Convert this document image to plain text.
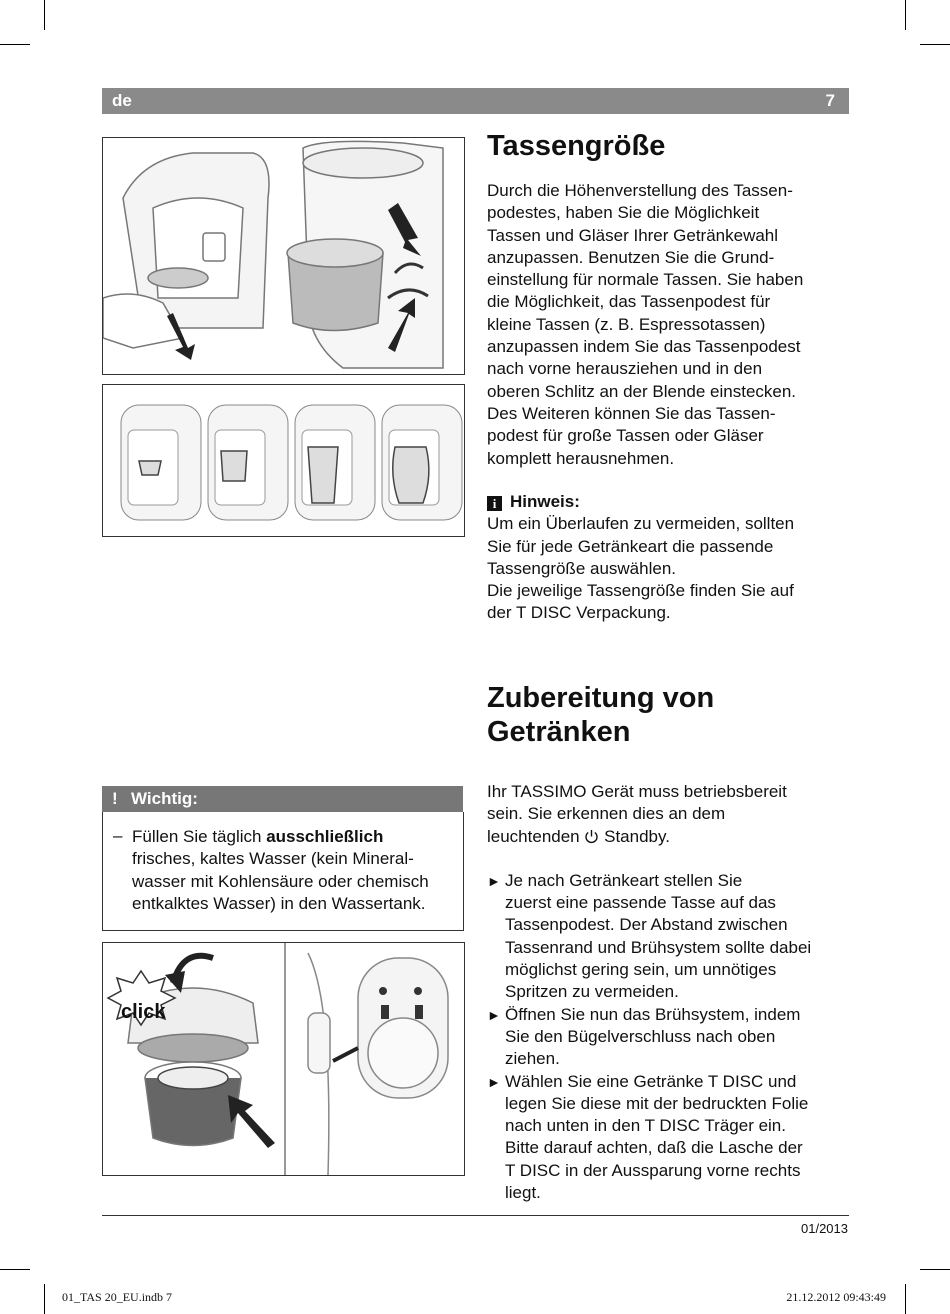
de	7
Tassengröße

Durch die Höhenverstellung des Tassen-

podestes, haben Sie die Möglichkeit

Tassen und Gläser Ihrer Getränkewahl

anzupassen. Benutzen Sie die Grund-

einstellung für normale Tassen. Sie haben

die Möglichkeit, das Tassenpodest für

kleine Tassen (z. B. Espressotassen)

anzupassen indem Sie das Tassenpodest

nach vorne herausziehen und in den

oberen Schlitz an der Blende einstecken.

Des Weiteren können Sie das Tassen-

podest für große Tassen oder Gläser

komplett herausnehmen.

i Hinweis:

Um ein Überlaufen zu vermeiden, sollten

Sie für jede Getränkeart die passende

Tassengröße auswählen.

Die jeweilige Tassengröße finden Sie auf

der T DISC Verpackung.

Zubereitung von
Getränken

Ihr TASSIMO Gerät muss betriebsbereit

sein. Sie erkennen dies an dem

leuchtenden Standby.

► Je nach Getränkeart stellen Sie

zuerst eine passende Tasse auf das

Tassenpodest. Der Abstand zwischen

Tassenrand und Brühsystem sollte dabei

möglichst gering sein, um unnötiges

Spritzen zu vermeiden.

► Öffnen Sie nun das Brühsystem, indem

Sie den Bügelverschluss nach oben

ziehen.

► Wählen Sie eine Getränke T DISC und

legen Sie diese mit der bedruckten Folie

nach unten in den T DISC Träger ein.

Bitte darauf achten, daß die Lasche der

T DISC in der Aussparung vorne rechts

liegt.

! Wichtig:
– Füllen Sie täglich ausschließlich

frisches, kaltes Wasser (kein Mineral-

wasser mit Kohlensäure oder chemisch

entkalktes Wasser) in den Wassertank.

click
01/2013
01_TAS 20_EU.indb 7	21.12.2012 09:43:49
